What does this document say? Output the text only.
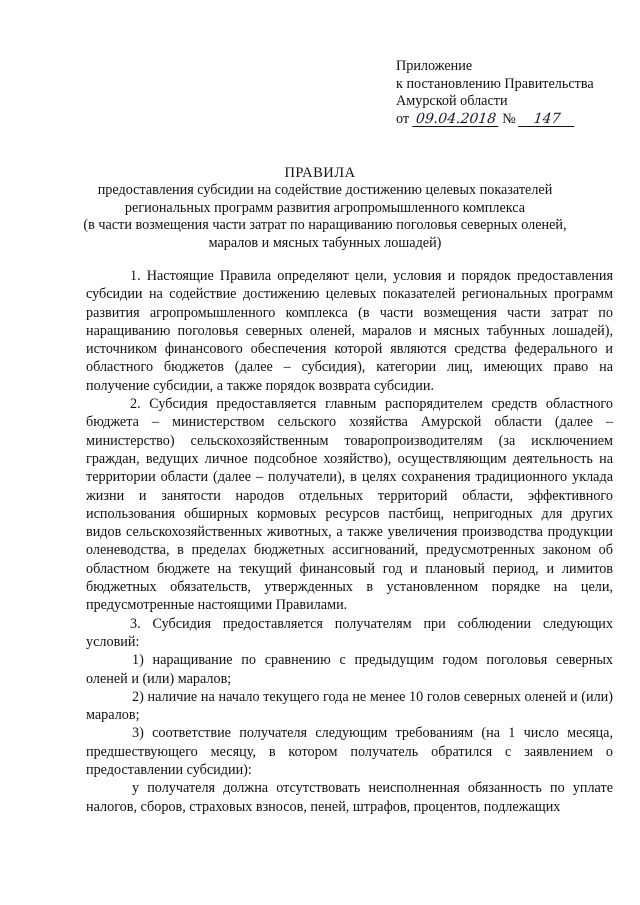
Приложение
к постановлению Правительства
Амурской области
от 09.04.2018 № 147
ПРАВИЛА
предоставления субсидии на содействие достижению целевых показателей
региональных программ развития агропромышленного комплекса
(в части возмещения части затрат по наращиванию поголовья северных оленей,
маралов и мясных табунных лошадей)

1. Настоящие Правила определяют цели, условия и порядок предоставления субсидии на содействие достижению целевых показателей региональных программ развития агропромышленного комплекса (в части возмещения части затрат по наращиванию поголовья северных оленей, маралов и мясных табунных лошадей), источником финансового обеспечения которой являются средства федерального и областного бюджетов (далее – субсидия), категории лиц, имеющих право на получение субсидии, а также порядок возврата субсидии.

2. Субсидия предоставляется главным распорядителем средств областного бюджета – министерством сельского хозяйства Амурской области (далее – министерство) сельскохозяйственным товаропроизводителям (за исключением граждан, ведущих личное подсобное хозяйство), осуществляющим деятельность на территории области (далее – получатели), в целях сохранения традиционного уклада жизни и занятости народов отдельных территорий области, эффективного использования обширных кормовых ресурсов пастбищ, непригодных для других видов сельскохозяйственных животных, а также увеличения производства продукции оленеводства, в пределах бюджетных ассигнований, предусмотренных законом об областном бюджете на текущий финансовый год и плановый период, и лимитов бюджетных обязательств, утвержденных в установленном порядке на цели, предусмотренные настоящими Правилами.

3. Субсидия предоставляется получателям при соблюдении следующих условий:

1) наращивание по сравнению с предыдущим годом поголовья северных оленей и (или) маралов;

2) наличие на начало текущего года не менее 10 голов северных оленей и (или) маралов;

3) соответствие получателя следующим требованиям (на 1 число месяца, предшествующего месяцу, в котором получатель обратился с заявлением о предоставлении субсидии):

у получателя должна отсутствовать неисполненная обязанность по уплате налогов, сборов, страховых взносов, пеней, штрафов, процентов, подлежащих
